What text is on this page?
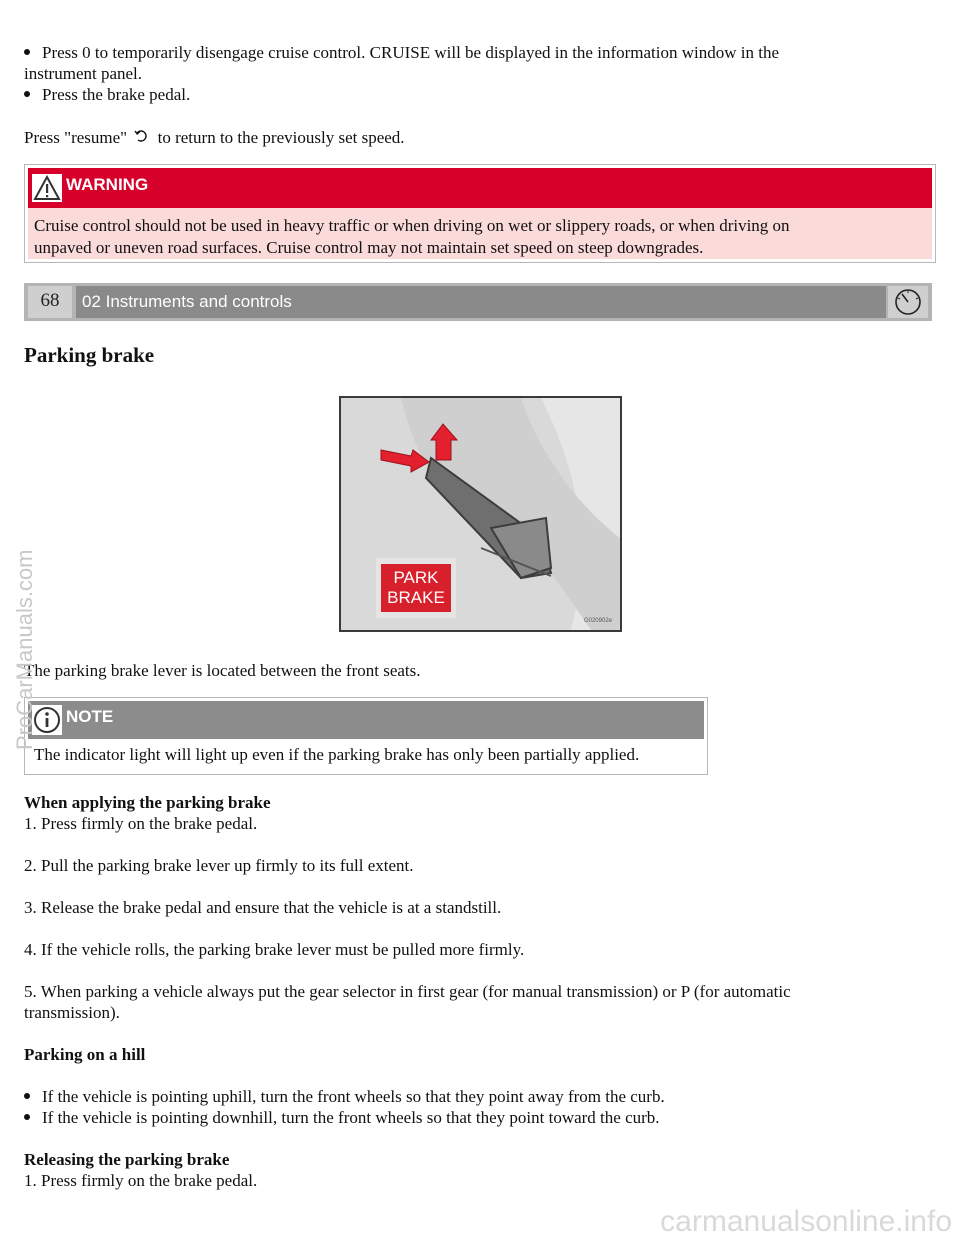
Press 0 to temporarily disengage cruise control. CRUISE will be displayed in the information window in the
instrument panel.
Press the brake pedal.
Press "resume" to return to the previously set speed.
WARNING
Cruise control should not be used in heavy traffic or when driving on wet or slippery roads, or when driving on
unpaved or uneven road surfaces. Cruise control may not maintain set speed on steep downgrades.
68	02 Instruments and controls
Parking brake
PARK
BRAKE
G020902e
The parking brake lever is located between the front seats.
NOTE
The indicator light will light up even if the parking brake has only been partially applied.
When applying the parking brake
1. Press firmly on the brake pedal.
2. Pull the parking brake lever up firmly to its full extent.
3. Release the brake pedal and ensure that the vehicle is at a standstill.
4. If the vehicle rolls, the parking brake lever must be pulled more firmly.
5. When parking a vehicle always put the gear selector in first gear (for manual transmission) or P (for automatic
transmission).
Parking on a hill
If the vehicle is pointing uphill, turn the front wheels so that they point away from the curb.
If the vehicle is pointing downhill, turn the front wheels so that they point toward the curb.
Releasing the parking brake
1. Press firmly on the brake pedal.
ProCarManuals.com
carmanualsonline.info
